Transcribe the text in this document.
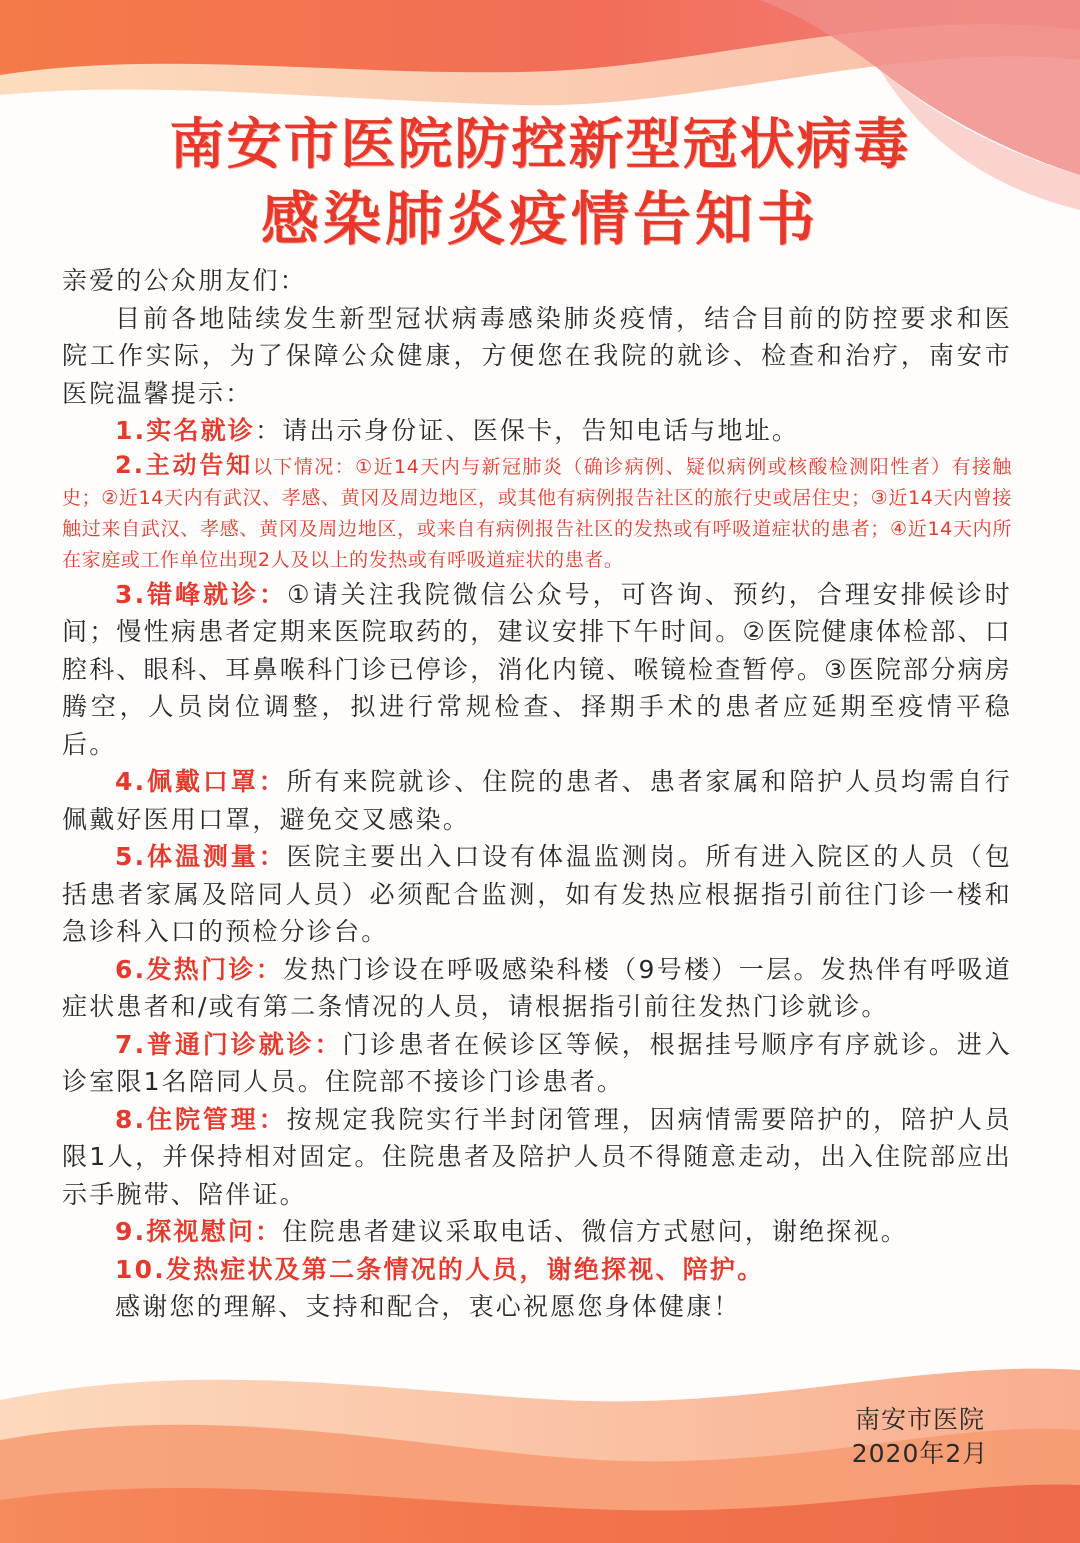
南安市医院防控新型冠状病毒
感染肺炎疫情告知书

亲爱的公众朋友们：

目前各地陆续发生新型冠状病毒感染肺炎疫情，结合目前的防控要求和医院工作实际，为了保障公众健康，方便您在我院的就诊、检查和治疗，南安市医院温馨提示：

1.实名就诊：请出示身份证、医保卡，告知电话与地址。

2.主动告知以下情况：①近14天内与新冠肺炎（确诊病例、疑似病例或核酸检测阳性者）有接触史；②近14天内有武汉、孝感、黄冈及周边地区，或其他有病例报告社区的旅行史或居住史；③近14天内曾接触过来自武汉、孝感、黄冈及周边地区，或来自有病例报告社区的发热或有呼吸道症状的患者；④近14天内所在家庭或工作单位出现2人及以上的发热或有呼吸道症状的患者。

3.错峰就诊：①请关注我院微信公众号，可咨询、预约，合理安排候诊时间；慢性病患者定期来医院取药的，建议安排下午时间。②医院健康体检部、口腔科、眼科、耳鼻喉科门诊已停诊，消化内镜、喉镜检查暂停。③医院部分病房腾空，人员岗位调整，拟进行常规检查、择期手术的患者应延期至疫情平稳后。

4.佩戴口罩：所有来院就诊、住院的患者、患者家属和陪护人员均需自行佩戴好医用口罩，避免交叉感染。

5.体温测量：医院主要出入口设有体温监测岗。所有进入院区的人员（包括患者家属及陪同人员）必须配合监测，如有发热应根据指引前往门诊一楼和急诊科入口的预检分诊台。

6.发热门诊：发热门诊设在呼吸感染科楼（9号楼）一层。发热伴有呼吸道症状患者和/或有第二条情况的人员，请根据指引前往发热门诊就诊。

7.普通门诊就诊：门诊患者在候诊区等候，根据挂号顺序有序就诊。进入诊室限1名陪同人员。住院部不接诊门诊患者。

8.住院管理：按规定我院实行半封闭管理，因病情需要陪护的，陪护人员限1人，并保持相对固定。住院患者及陪护人员不得随意走动，出入住院部应出示手腕带、陪伴证。

9.探视慰问：住院患者建议采取电话、微信方式慰问，谢绝探视。

10.发热症状及第二条情况的人员，谢绝探视、陪护。

感谢您的理解、支持和配合，衷心祝愿您身体健康！

南安市医院
2020年2月
